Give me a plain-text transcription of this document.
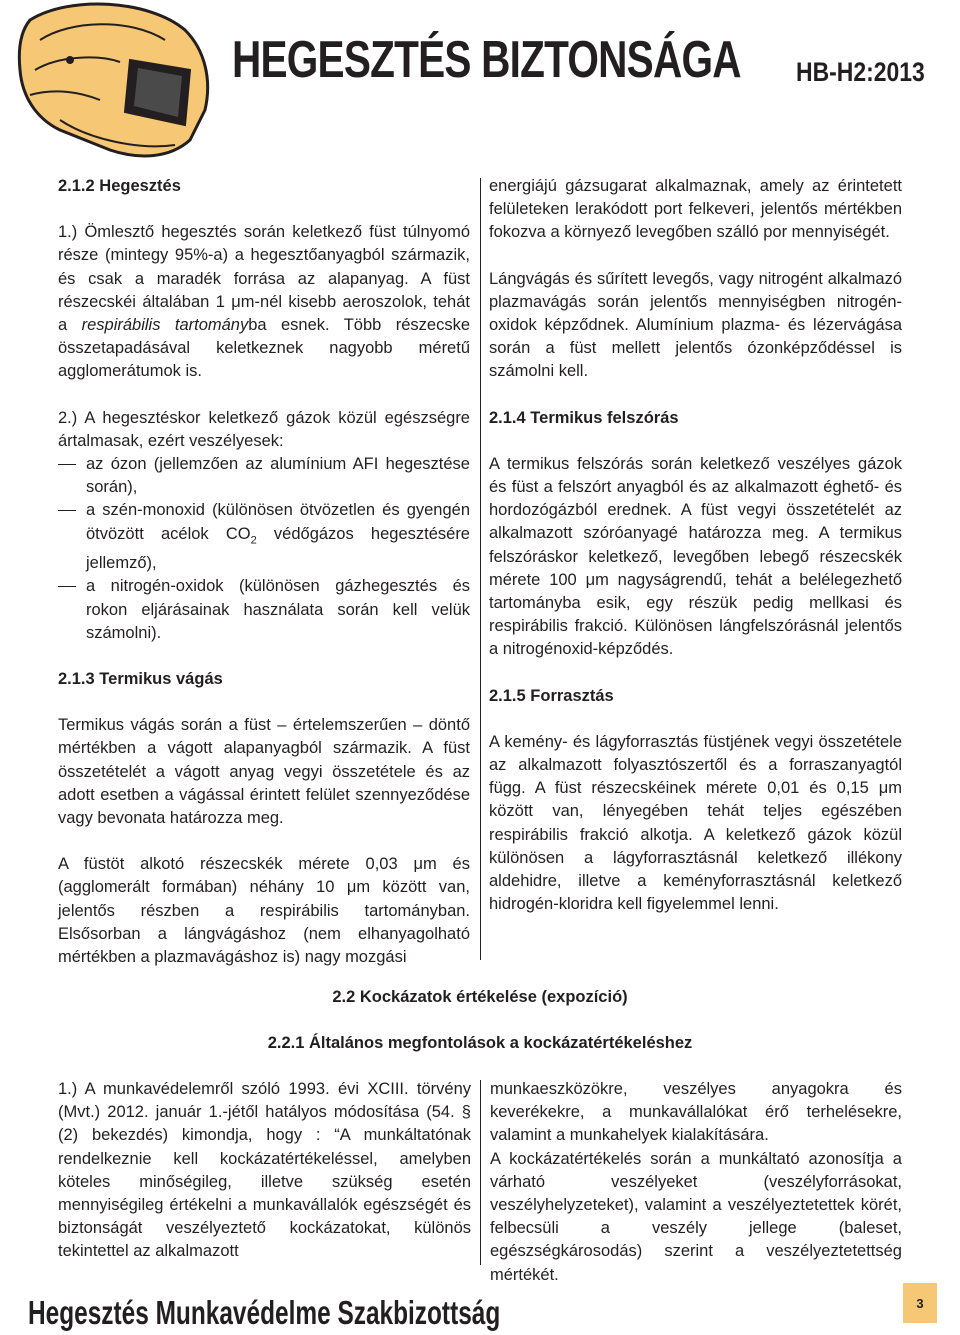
HEGESZTÉS BIZTONSÁGA HB-H2:2013
2.1.2 Hegesztés

1.) Ömlesztő hegesztés során keletkező füst túlnyomó része (mintegy 95%-a) a hegesztőanyagból származik, és csak a maradék forrása az alapanyag. A füst részecskéi általában 1 μm-nél kisebb aeroszolok, tehát a respirábilis tartományba esnek. Több részecske összetapadásával keletkeznek nagyobb méretű agglomerátumok is.

2.) A hegesztéskor keletkező gázok közül egészségre ártalmasak, ezért veszélyesek:

az ózon (jellemzően az alumínium AFI hegesztése során),
a szén-monoxid (különösen ötvözetlen és gyengén ötvözött acélok $CO_2$ védőgázos hegesztésére jellemző),
a nitrogén-oxidok (különösen gázhegesztés és rokon eljárásainak használata során kell velük számolni).
2.1.3 Termikus vágás

Termikus vágás során a füst – értelemszerűen – döntő mértékben a vágott alapanyagból származik. A füst összetételét a vágott anyag vegyi összetétele és az adott esetben a vágással érintett felület szennyeződése vagy bevonata határozza meg.

A füstöt alkotó részecskék mérete 0,03 μm és (agglomerált formában) néhány 10 μm között van, jelentős részben a respirábilis tartományban. Elsősorban a lángvágáshoz (nem elhanyagolható mértékben a plazmavágáshoz is) nagy mozgási

energiájú gázsugarat alkalmaznak, amely az érintetett felületeken lerakódott port felkeveri, jelentős mértékben fokozva a környező levegőben szálló por mennyiségét.

Lángvágás és sűrített levegős, vagy nitrogént alkalmazó plazmavágás során jelentős mennyiségben nitrogén-oxidok képződnek. Alumínium plazma- és lézervágása során a füst mellett jelentős ózonképződéssel is számolni kell.

2.1.4 Termikus felszórás

A termikus felszórás során keletkező veszélyes gázok és füst a felszórt anyagból és az alkalmazott éghető- és hordozógázból erednek. A füst vegyi összetételét az alkalmazott szóróanyagé határozza meg. A termikus felszóráskor keletkező, levegőben lebegő részecskék mérete 100 μm nagyságrendű, tehát a belélegezhető tartományba esik, egy részük pedig mellkasi és respirábilis frakció. Különösen lángfelszórásnál jelentős a nitrogénoxid-képződés.

2.1.5 Forrasztás

A kemény- és lágyforrasztás füstjének vegyi összetétele az alkalmazott folyasztószertől és a forraszanyagtól függ. A füst részecskéinek mérete 0,01 és 0,15 μm között van, lényegében tehát teljes egészében respirábilis frakció alkotja. A keletkező gázok közül különösen a lágyforrasztásnál keletkező illékony aldehidre, illetve a keményforrasztásnál keletkező hidrogén-kloridra kell figyelemmel lenni.

2.2 Kockázatok értékelése (expozíció)
2.2.1 Általános megfontolások a kockázatértékeléshez

1.) A munkavédelemről szóló 1993. évi XCIII. törvény (Mvt.) 2012. január 1.-jétől hatályos módosítása (54. § (2) bekezdés) kimondja, hogy : “A munkáltatónak rendelkeznie kell kockázatértékeléssel, amelyben köteles minőségileg, illetve szükség esetén mennyiségileg értékelni a munkavállalók egészségét és biztonságát veszélyeztető kockázatokat, különös tekintettel az alkalmazott

munkaeszközökre, veszélyes anyagokra és keverékekre, a munkavállalókat érő terhelésekre, valamint a munkahelyek kialakítására.

A kockázatértékelés során a munkáltató azonosítja a várható veszélyeket (veszélyforrásokat, veszélyhelyzeteket), valamint a veszélyeztetettek körét, felbecsüli a veszély jellege (baleset, egészségkárosodás) szerint a veszélyeztetettség mértékét.

Hegesztés Munkavédelme Szakbizottság	3
